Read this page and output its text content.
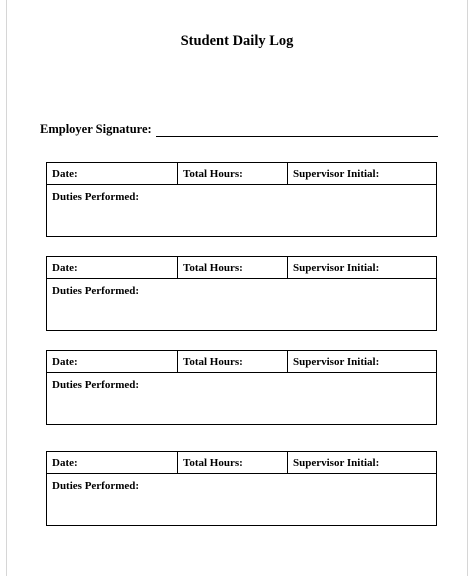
Student Daily Log
Employer Signature:
Date:	Total Hours:	Supervisor Initial:
Duties Performed:
Date:	Total Hours:	Supervisor Initial:
Duties Performed:
Date:	Total Hours:	Supervisor Initial:
Duties Performed:
Date:	Total Hours:	Supervisor Initial:
Duties Performed:
